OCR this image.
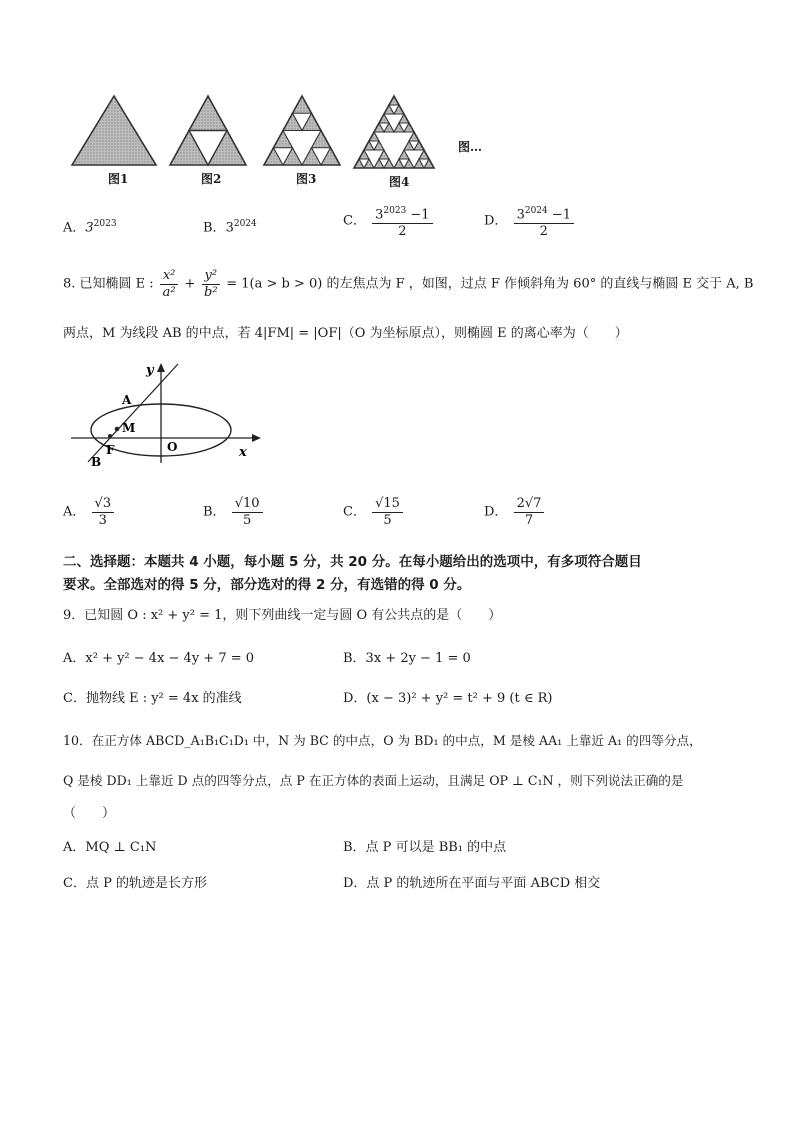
图1	图2	图3	图4
图…
A．$3^{2023}$	B．$3^{2024}$	C． $\frac{3^{2023} -1}{2}$	D． $\frac{3^{2024} -1}{2}$
8. 已知椭圆 E : $\frac{\text{x²}}{\text{a²}} + \frac{\text{y²}}{\text{b²}} = 1(a > b > 0)$ 的左焦点为 F ，如图，过点 F 作倾斜角为 60° 的直线与椭圆 E 交于 A, B
两点，M 为线段 AB 的中点，若 4|FM| = |OF|（O 为坐标原点），则椭圆 E 的离心率为（　　）
y
A
M
F	O
B
x
A． $\frac{√3}{3}$	B． $\frac{√10}{5}$	C． $\frac{√15}{5}$	D． $\frac{2√7}{7}$
二、选择题：本题共 4 小题，每小题 5 分，共 20 分。在每小题给出的选项中，有多项符合题目
要求。全部选对的得 5 分，部分选对的得 2 分，有选错的得 0 分。
9．已知圆 O : x² + y² = 1，则下列曲线一定与圆 O 有公共点的是（　　）
A．x² + y² − 4x − 4y + 7 = 0	B．3x + 2y − 1 = 0
C．抛物线 E : y² = 4x 的准线	D．(x − 3)² + y² = t² + 9 (t ∈ R)
10．在正方体 ABCD_A₁B₁C₁D₁ 中，N 为 BC 的中点，O 为 BD₁ 的中点，M 是棱 AA₁ 上靠近 A₁ 的四等分点，
Q 是棱 DD₁ 上靠近 D 点的四等分点，点 P 在正方体的表面上运动，且满足 OP ⊥ C₁N ，则下列说法正确的是
（　　）
A．MQ ⊥ C₁N	B．点 P 可以是 BB₁ 的中点
C．点 P 的轨迹是长方形	D．点 P 的轨迹所在平面与平面 ABCD 相交
